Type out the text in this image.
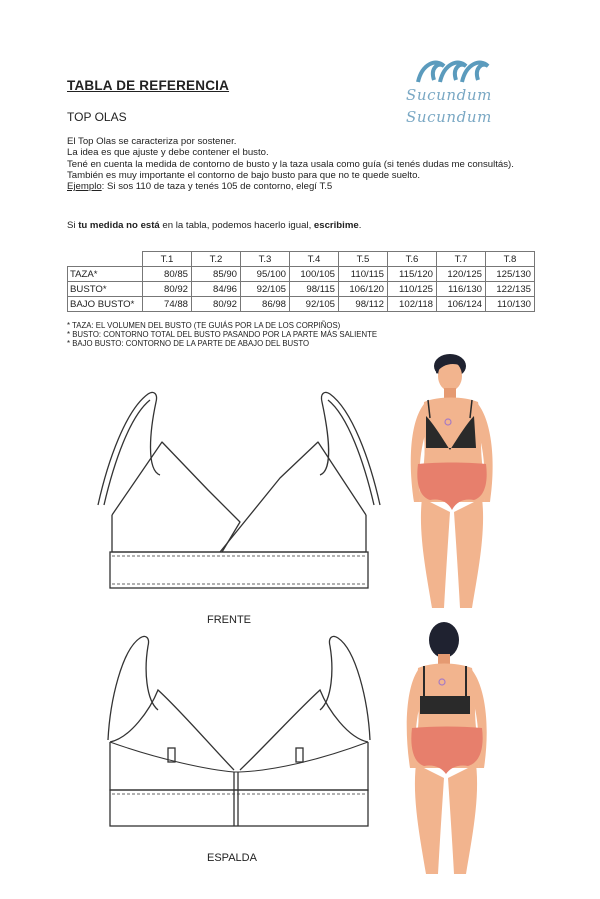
Sucundum
Sucundum
TABLA DE REFERENCIA
TOP OLAS
El Top Olas se caracteriza por sostener.
La idea es que ajuste y debe contener el busto.
Tené en cuenta la medida de contorno de busto y la taza usala como guía (si tenés dudas me consultás).
También es muy importante el contorno de bajo busto para que no te quede suelto.
Ejemplo: Si sos 110 de taza y tenés 105 de contorno, elegí T.5
Si tu medida no está en la tabla, podemos hacerlo igual, escribime.
	T.1	T.2	T.3	T.4	T.5	T.6	T.7	T.8
TAZA*	80/85	85/90	95/100	100/105	110/115	115/120	120/125	125/130
BUSTO*	80/92	84/96	92/105	98/115	106/120	110/125	116/130	122/135
BAJO BUSTO*	74/88	80/92	86/98	92/105	98/112	102/118	106/124	110/130
* TAZA: EL VOLUMEN DEL BUSTO (TE GUIÁS POR LA DE LOS CORPIÑOS)
* BUSTO: CONTORNO TOTAL DEL BUSTO PASANDO POR LA PARTE MÁS SALIENTE
* BAJO BUSTO: CONTORNO DE LA PARTE DE ABAJO DEL BUSTO
FRENTE
ESPALDA
